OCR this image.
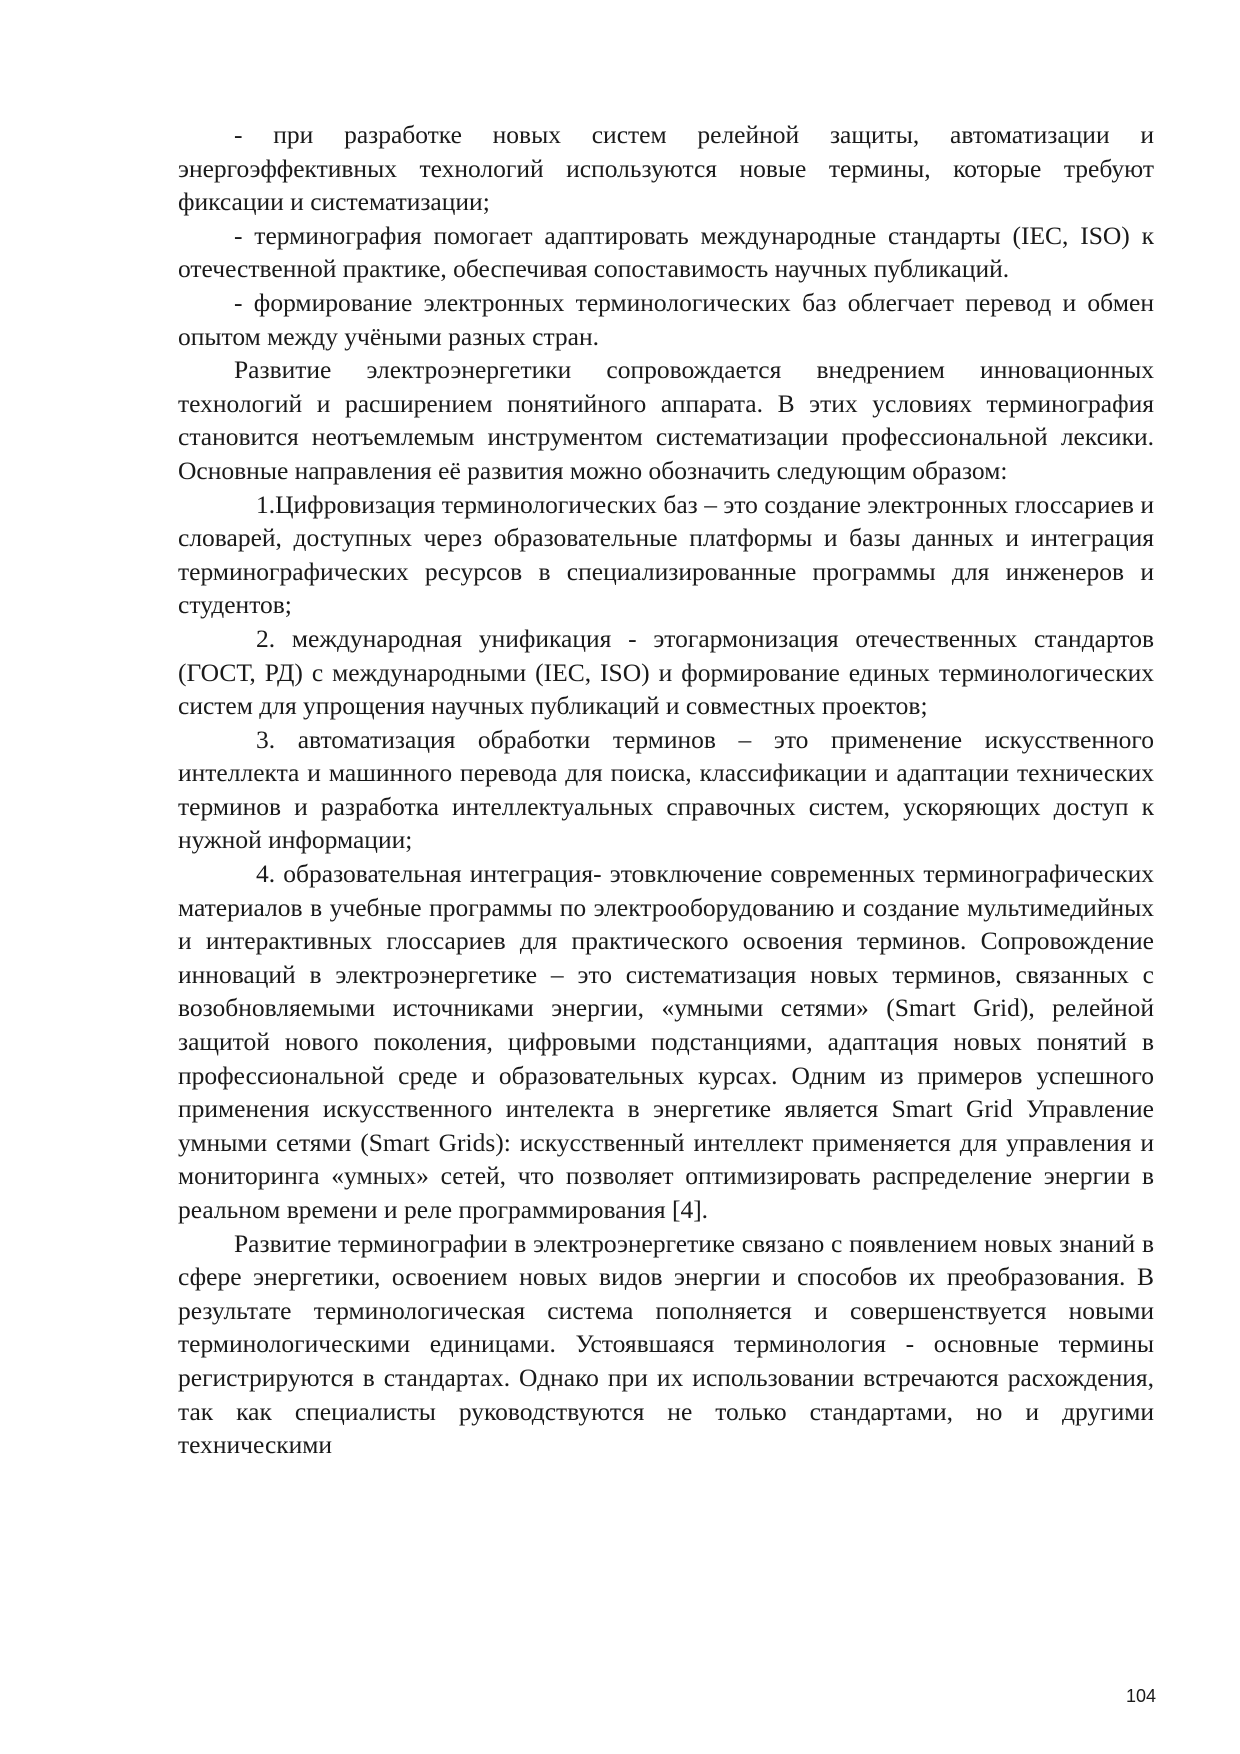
- при разработке новых систем релейной защиты, автоматизации и энергоэффективных технологий используются новые термины, которые требуют фиксации и систематизации;

- терминография помогает адаптировать международные стандарты (IEC, ISO) к отечественной практике, обеспечивая сопоставимость научных публикаций.

- формирование электронных терминологических баз облегчает перевод и обмен опытом между учёными разных стран.

Развитие электроэнергетики сопровождается внедрением инновационных технологий и расширением понятийного аппарата. В этих условиях терминография становится неотъемлемым инструментом систематизации профессиональной лексики. Основные направления её развития можно обозначить следующим образом:

1.Цифровизация терминологических баз – это создание электронных глоссариев и словарей, доступных через образовательные платформы и базы данных и интеграция терминографических ресурсов в специализированные программы для инженеров и студентов;

2. международная унификация - этогармонизация отечественных стандартов (ГОСТ, РД) с международными (IEC, ISO) и формирование единых терминологических систем для упрощения научных публикаций и совместных проектов;

3. автоматизация обработки терминов – это применение искусственного интеллекта и машинного перевода для поиска, классификации и адаптации технических терминов и разработка интеллектуальных справочных систем, ускоряющих доступ к нужной информации;

4. образовательная интеграция- этовключение современных терминографических материалов в учебные программы по электрооборудованию и создание мультимедийных и интерактивных глоссариев для практического освоения терминов. Сопровождение инноваций в электроэнергетике – это систематизация новых терминов, связанных с возобновляемыми источниками энергии, «умными сетями» (Smart Grid), релейной защитой нового поколения, цифровыми подстанциями, адаптация новых понятий в профессиональной среде и образовательных курсах. Одним из примеров успешного применения искусственного интелекта в энергетике является Smart Grid Управление умными сетями (Smart Grids): искусственный интеллект применяется для управления и мониторинга «умных» сетей, что позволяет оптимизировать распределение энергии в реальном времени и реле программирования [4].

Развитие терминографии в электроэнергетике связано с появлением новых знаний в сфере энергетики, освоением новых видов энергии и способов их преобразования. В результате терминологическая система пополняется и совершенствуется новыми терминологическими единицами. Устоявшаяся терминология - основные термины регистрируются в стандартах. Однако при их использовании встречаются расхождения, так как специалисты руководствуются не только стандартами, но и другими техническими

104
